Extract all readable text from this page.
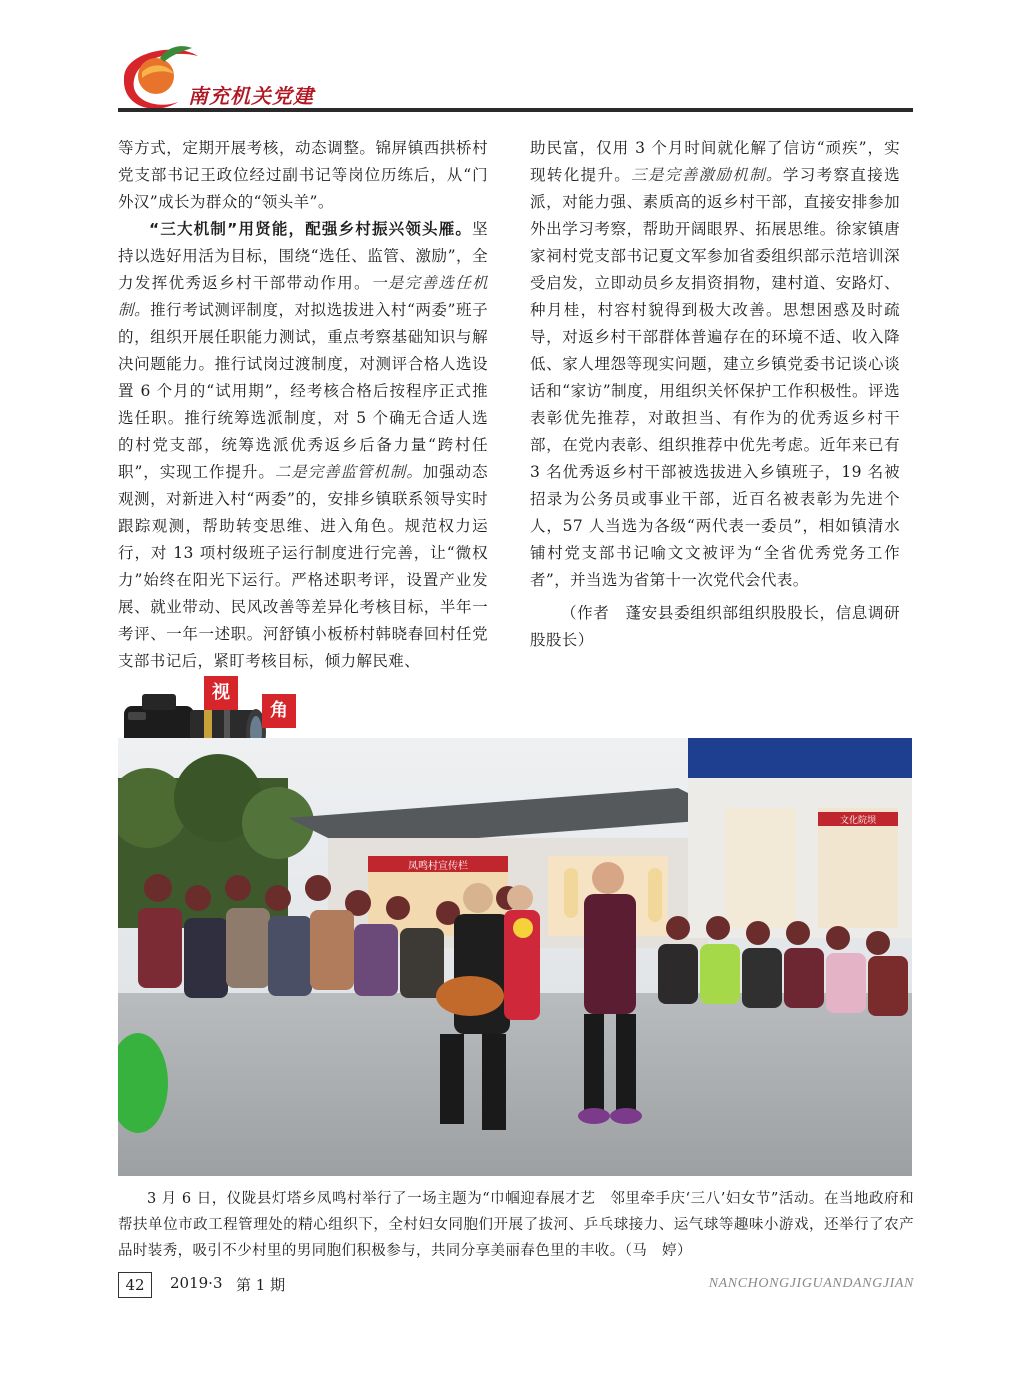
南充机关党建

等方式，定期开展考核，动态调整。锦屏镇西拱桥村党支部书记王政位经过副书记等岗位历练后，从“门外汉”成长为群众的“领头羊”。

“三大机制”用贤能，配强乡村振兴领头雁。坚持以选好用活为目标，围绕“选任、监管、激励”，全力发挥优秀返乡村干部带动作用。一是完善选任机制。推行考试测评制度，对拟选拔进入村“两委”班子的，组织开展任职能力测试，重点考察基础知识与解决问题能力。推行试岗过渡制度，对测评合格人选设置 6 个月的“试用期”，经考核合格后按程序正式推选任职。推行统筹选派制度，对 5 个确无合适人选的村党支部，统筹选派优秀返乡后备力量“跨村任职”，实现工作提升。二是完善监管机制。加强动态观测，对新进入村“两委”的，安排乡镇联系领导实时跟踪观测，帮助转变思维、进入角色。规范权力运行，对 13 项村级班子运行制度进行完善，让“微权力”始终在阳光下运行。严格述职考评，设置产业发展、就业带动、民风改善等差异化考核目标，半年一考评、一年一述职。河舒镇小板桥村韩晓春回村任党支部书记后，紧盯考核目标，倾力解民难、

助民富，仅用 3 个月时间就化解了信访“顽疾”，实现转化提升。三是完善激励机制。学习考察直接选派，对能力强、素质高的返乡村干部，直接安排参加外出学习考察，帮助开阔眼界、拓展思维。徐家镇唐家祠村党支部书记夏文军参加省委组织部示范培训深受启发，立即动员乡友捐资捐物，建村道、安路灯、种月桂，村容村貌得到极大改善。思想困惑及时疏导，对返乡村干部群体普遍存在的环境不适、收入降低、家人埋怨等现实问题，建立乡镇党委书记谈心谈话和“家访”制度，用组织关怀保护工作积极性。评选表彰优先推荐，对敢担当、有作为的优秀返乡村干部，在党内表彰、组织推荐中优先考虑。近年来已有 3 名优秀返乡村干部被选拔进入乡镇班子，19 名被招录为公务员或事业干部，近百名被表彰为先进个人，57 人当选为各级“两代表一委员”，相如镇清水铺村党支部书记喻文文被评为“全省优秀党务工作者”，并当选为省第十一次党代会代表。

（作者　蓬安县委组织部组织股股长，信息调研股股长）

视
角
凤鸣村宣传栏
文化院坝

3 月 6 日，仪陇县灯塔乡凤鸣村举行了一场主题为“巾帼迎春展才艺　邻里牵手庆‘三八’妇女节”活动。在当地政府和帮扶单位市政工程管理处的精心组织下，全村妇女同胞们开展了拔河、乒乓球接力、运气球等趣味小游戏，还举行了农产品时装秀，吸引不少村里的男同胞们积极参与，共同分享美丽春色里的丰收。（马　婷）

42	2019·3 第 1 期	NANCHONGJIGUANDANGJIAN
